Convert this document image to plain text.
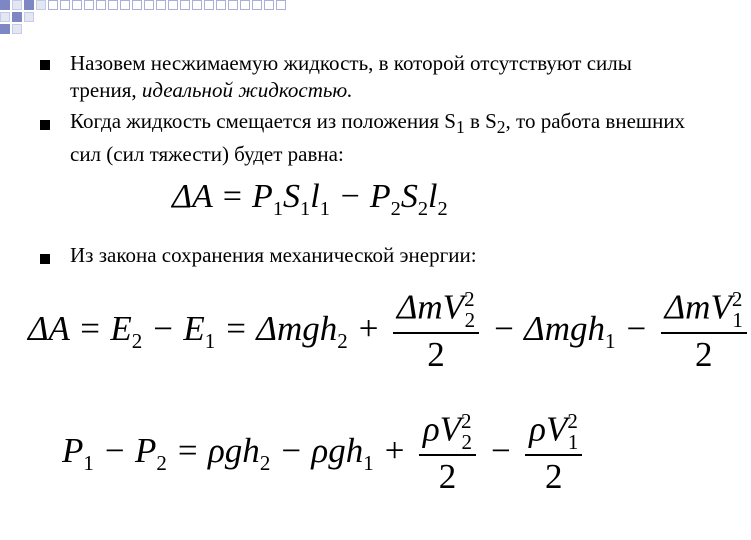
Назовем несжимаемую жидкость, в которой отсутствуют силы трения, идеальной жидкостью.
Когда жидкость смещается из положения $S_1$ в $S_2$, то работа внешних сил (сил тяжести) будет равна:
Из закона сохранения механической энергии:
$\Delta A = P_1S_1l_1 - P_2S_2l_2$
$\Delta A = E_2 - E_1 = \Delta mgh_2 + \frac{\Delta mV^2_2}{2} - \Delta mgh_1 - \frac{\Delta mV^2_1}{2}$
$P_1 - P_2 = \rho gh_2 - \rho gh_1 + \frac{\rho V^2_2}{2} - \frac{\rho V^2_1}{2}$
